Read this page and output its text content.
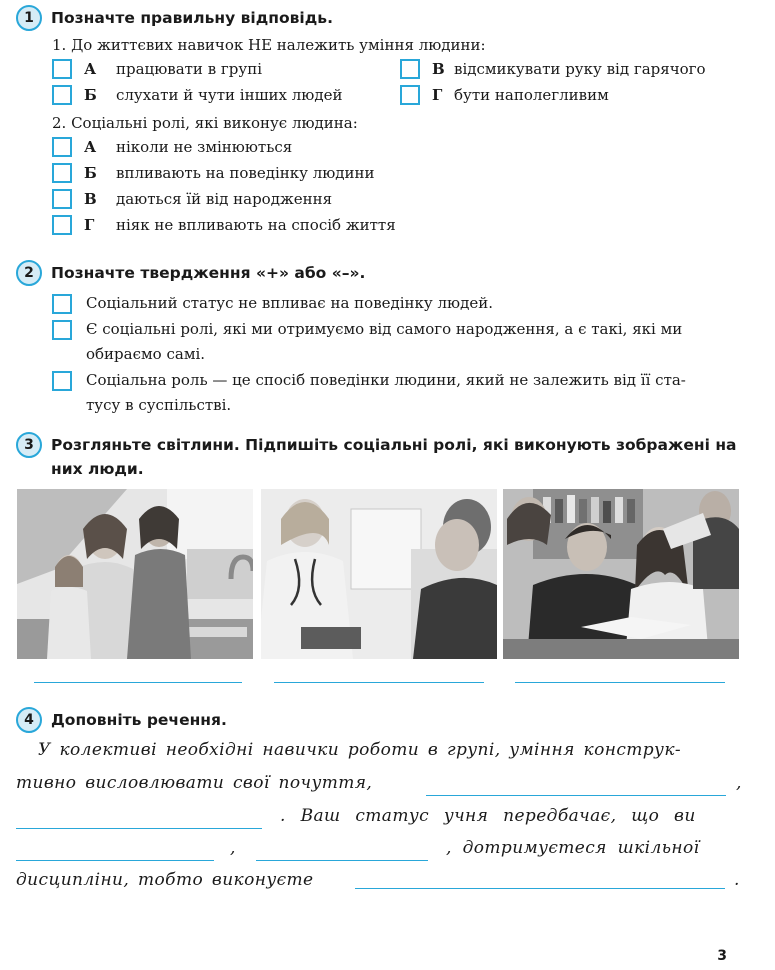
1	Позначте правильну відповідь.
1. До життєвих навичок НЕ належить уміння людини:
А	працювати в групі
Б	слухати й чути інших людей
В відсмикувати руку від гарячого
Г бути наполегливим
2. Соціальні ролі, які виконує людина:
А	ніколи не змінюються
Б	впливають на поведінку людини
В	даються їй від народження
Г	ніяк не впливають на спосіб життя
2	Позначте твердження «+» або «–».
Соціальний статус не впливає на поведінку людей.
Є соціальні ролі, які ми отримуємо від самого народження, а є такі, які ми
обираємо самі.
Соціальна роль — це спосіб поведінки людини, який не залежить від її ста-
тусу в суспільстві.
3	Розгляньте світлини. Підпишіть соціальні ролі, які виконують зображені на
них люди.
4	Доповніть речення.
У колективі необхідні навички роботи в групі, уміння конструк-
тивно висловлювати свої почуття,	,
. Ваш статус учня передбачає, що ви
,	, дотримуєтеся шкільної
дисципліни, тобто виконуєте	.
3
